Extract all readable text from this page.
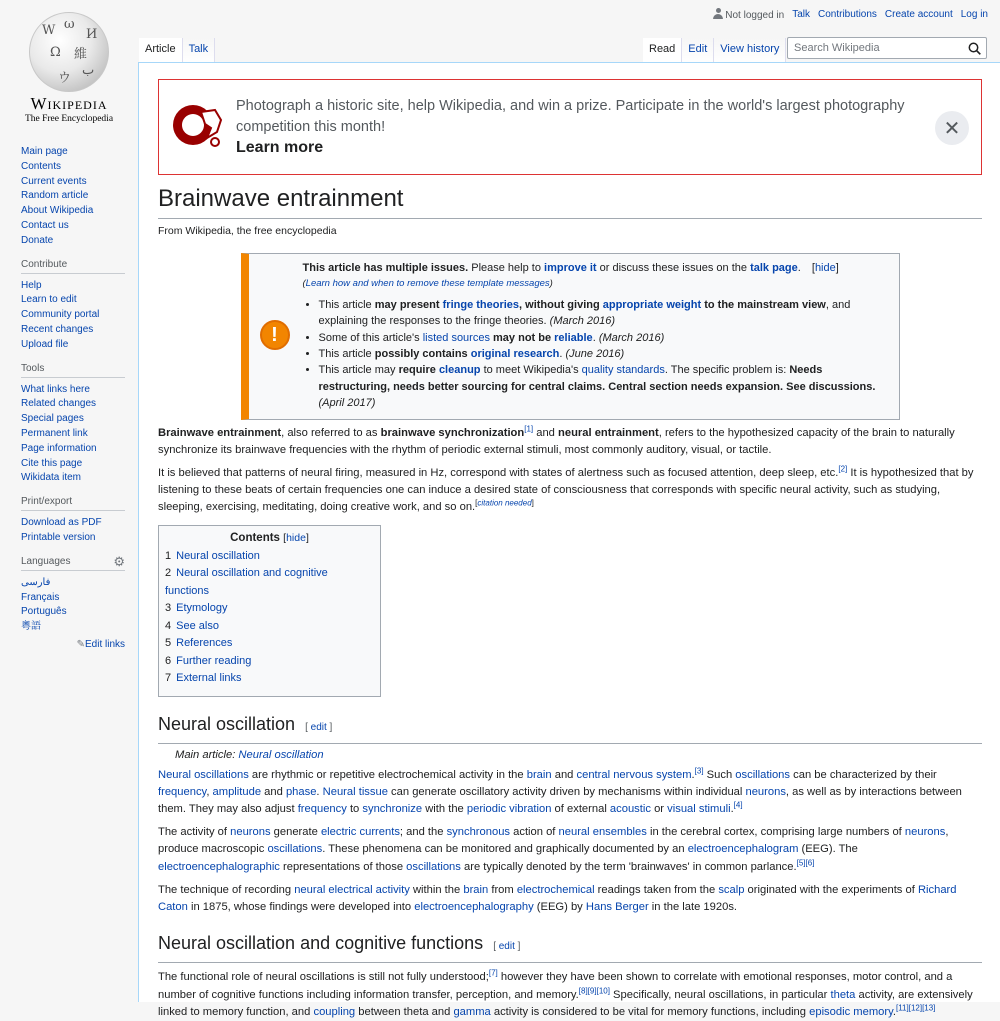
W ω
И
Ω 維
ウ
ب
Wikipedia
The Free Encyclopedia
Not logged in Talk Contributions Create account Log in
Article	Talk	Read	Edit	View history	Search Wikipedia
Main page
Contents
Current events
Random article
About Wikipedia
Contact us
Donate
Contribute
Help
Learn to edit
Community portal
Recent changes
Upload file
Tools
What links here
Related changes
Special pages
Permanent link
Page information
Cite this page
Wikidata item
Print/export
Download as PDF
Printable version
Languages	⚙
فارسی
Français
Português
粵語
✎Edit links
Photograph a historic site, help Wikipedia, and win a prize. Participate in the world's largest photography competition this month!
Learn more
✕
Brainwave entrainment
From Wikipedia, the free encyclopedia
!
This article has multiple issues. Please help to improve it or discuss these issues on the talk page. [hide]
(Learn how and when to remove these template messages)
• This article may present fringe theories, without giving appropriate weight to the mainstream view, and explaining the responses to the fringe theories. (March 2016)
• Some of this article's listed sources may not be reliable. (March 2016)
• This article possibly contains original research. (June 2016)
• This article may require cleanup to meet Wikipedia's quality standards. The specific problem is: Needs restructuring, needs better sourcing for central claims. Central section needs expansion. See discussions. (April 2017)

Brainwave entrainment, also referred to as brainwave synchronization[1] and neural entrainment, refers to the hypothesized capacity of the brain to naturally synchronize its brainwave frequencies with the rhythm of periodic external stimuli, most commonly auditory, visual, or tactile.

It is believed that patterns of neural firing, measured in Hz, correspond with states of alertness such as focused attention, deep sleep, etc.[2] It is hypothesized that by listening to these beats of certain frequencies one can induce a desired state of consciousness that corresponds with specific neural activity, such as studying, sleeping, exercising, meditating, doing creative work, and so on.[citation needed]

Contents [hide]
1 Neural oscillation
2 Neural oscillation and cognitive functions
3 Etymology
4 See also
5 References
6 Further reading
7 External links
Neural oscillation [ edit ]
Main article: Neural oscillation

Neural oscillations are rhythmic or repetitive electrochemical activity in the brain and central nervous system.[3] Such oscillations can be characterized by their frequency, amplitude and phase. Neural tissue can generate oscillatory activity driven by mechanisms within individual neurons, as well as by interactions between them. They may also adjust frequency to synchronize with the periodic vibration of external acoustic or visual stimuli.[4]

The activity of neurons generate electric currents; and the synchronous action of neural ensembles in the cerebral cortex, comprising large numbers of neurons, produce macroscopic oscillations. These phenomena can be monitored and graphically documented by an electroencephalogram (EEG). The electroencephalographic representations of those oscillations are typically denoted by the term 'brainwaves' in common parlance.[5][6]

The technique of recording neural electrical activity within the brain from electrochemical readings taken from the scalp originated with the experiments of Richard Caton in 1875, whose findings were developed into electroencephalography (EEG) by Hans Berger in the late 1920s.

Neural oscillation and cognitive functions [ edit ]

The functional role of neural oscillations is still not fully understood;[7] however they have been shown to correlate with emotional responses, motor control, and a number of cognitive functions including information transfer, perception, and memory.[8][9][10] Specifically, neural oscillations, in particular theta activity, are extensively linked to memory function, and coupling between theta and gamma activity is considered to be vital for memory functions, including episodic memory.[11][12][13]
